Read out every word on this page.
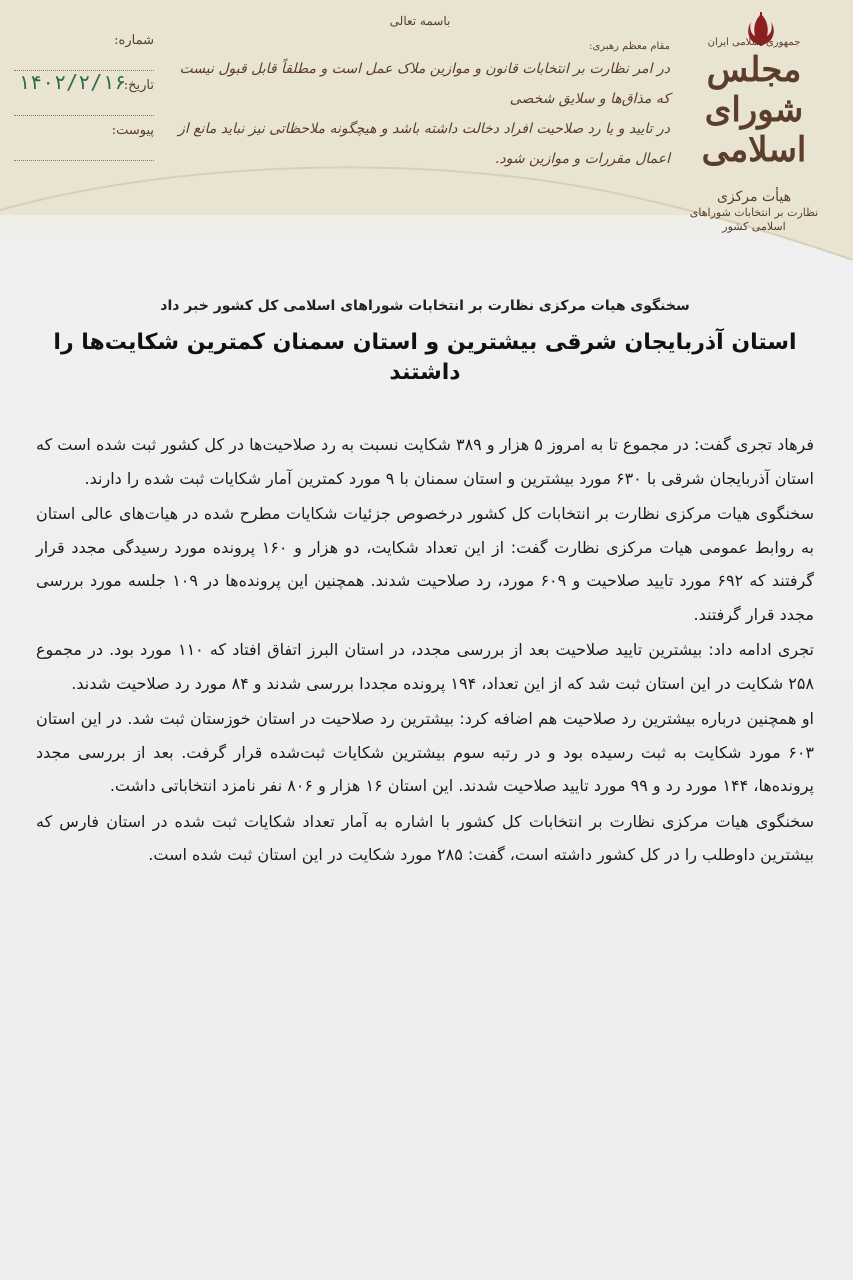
جمهوری اسلامی ایران
مجلس شورای اسلامی
هیأت مرکزی
نظارت بر انتخابات شوراهای اسلامی کشور
باسمه تعالی
مقام معظم رهبری:
در امر نظارت بر انتخابات قانون و موازین ملاک عمل است و مطلقاً قابل قبول نیست که مذاق‌ها و سلایق شخصی
در تایید و یا رد صلاحیت افراد دخالت داشته باشد و هیچگونه ملاحظاتی نیز نباید مانع از اعمال مقررات و موازین شود.
شماره:
تاریخ:
۱۴۰۲/۲/۱۶
پیوست:
سخنگوی هیات مرکزی نظارت بر انتخابات شوراهای اسلامی کل کشور خبر داد
استان آذربایجان شرقی بیشترین و استان سمنان کمترین شکایت‌ها را داشتند

فرهاد تجری گفت: در مجموع تا به امروز ۵ هزار و ۳۸۹ شکایت نسبت به رد صلاحیت‌ها در کل کشور ثبت شده است که استان آذربایجان شرقی با ۶۳۰ مورد بیشترین و استان سمنان با ۹ مورد کمترین آمار شکایات ثبت شده را دارند.

سخنگوی هیات مرکزی نظارت بر انتخابات کل کشور درخصوص جزئیات شکایات مطرح شده در هیات‌های عالی استان به روابط عمومی هیات مرکزی نظارت گفت: از این تعداد شکایت، دو هزار و ۱۶۰ پرونده مورد رسیدگی مجدد قرار گرفتند که ۶۹۲ مورد تایید صلاحیت و ۶۰۹ مورد، رد صلاحیت شدند. همچنین این پرونده‌ها در ۱۰۹ جلسه مورد بررسی مجدد قرار گرفتند.

تجری ادامه داد: بیشترین تایید صلاحیت بعد از بررسی مجدد، در استان البرز اتفاق افتاد که ۱۱۰ مورد بود. در مجموع ۲۵۸ شکایت در این استان ثبت شد که از این تعداد، ۱۹۴ پرونده مجددا بررسی شدند و ۸۴ مورد رد صلاحیت شدند.

او همچنین درباره بیشترین رد صلاحیت هم اضافه کرد: بیشترین رد صلاحیت در استان خوزستان ثبت شد. در این استان ۶۰۳ مورد شکایت به ثبت رسیده بود و در رتبه سوم بیشترین شکایات ثبت‌شده قرار گرفت. بعد از بررسی مجدد پرونده‌ها، ۱۴۴ مورد رد و ۹۹ مورد تایید صلاحیت شدند. این استان ۱۶ هزار و ۸۰۶ نفر نامزد انتخاباتی داشت.

سخنگوی هیات مرکزی نظارت بر انتخابات کل کشور با اشاره به آمار تعداد شکایات ثبت شده در استان فارس که بیشترین داوطلب را در کل کشور داشته است، گفت: ۲۸۵ مورد شکایت در این استان ثبت شده است.
